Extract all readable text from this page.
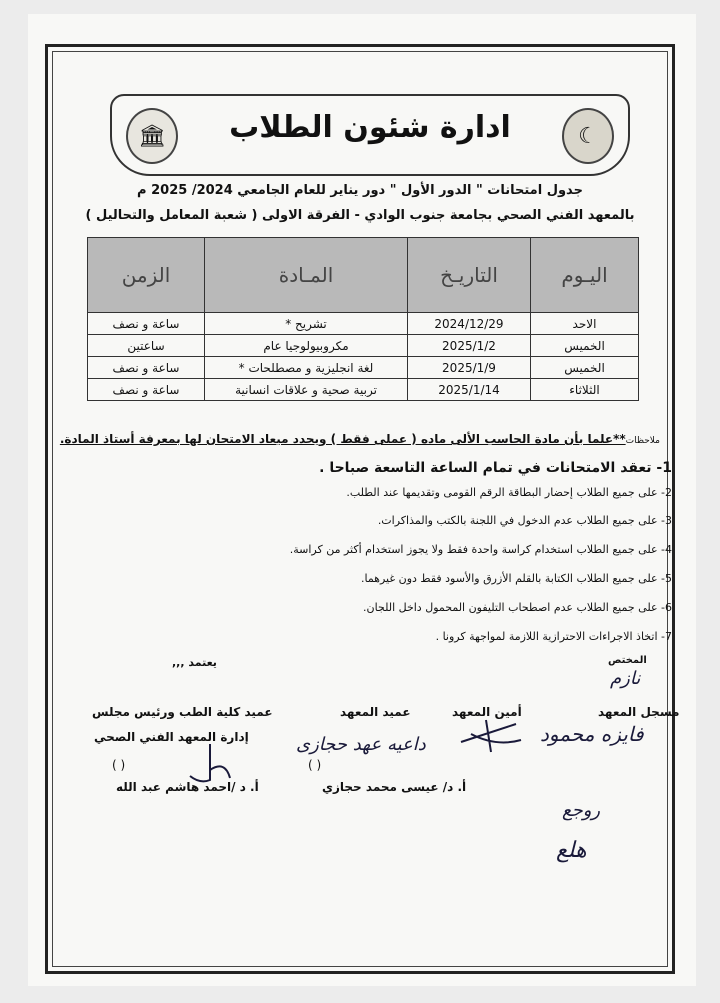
🏛	ادارة شئون الطلاب	☾
جدول امتحانات " الدور الأول " دور يناير للعام الجامعي 2024/ 2025 م
بالمعهد الفني الصحي بجامعة جنوب الوادي - الفرقة الاولى ( شعبة المعامل والتحاليل )
اليـوم	التاريـخ	المـادة	الزمن
الاحد	2024/12/29	تشريح *	ساعة و نصف
الخميس	2025/1/2	مكروبيولوجيا عام	ساعتين
الخميس	2025/1/9	لغة انجليزية و مصطلحات *	ساعة و نصف
الثلاثاء	2025/1/14	تربية صحية و علاقات انسانية	ساعة و نصف
ملاحظات**علما بأن مادة الحاسب الألى ماده ( عملى فقط ) ويحدد ميعاد الامتحان لها بمعرفة أستاذ المادة.
1- تعقد الامتحانات في تمام الساعة التاسعة صباحا .
2- على جميع الطلاب إحضار البطاقة الرقم القومى وتقديمها عند الطلب.
3- على جميع الطلاب عدم الدخول في اللجنة بالكتب والمذاكرات.
4- على جميع الطلاب استخدام كراسة واحدة فقط ولا يجوز استخدام أكثر من كراسة.
5- على جميع الطلاب الكتابة بالقلم الأزرق والأسود فقط دون غيرهما.
6- على جميع الطلاب عدم اصطحاب التليفون المحمول داخل اللجان.
7- اتخاذ الاجراءات الاحترازية اللازمة لمواجهة كرونا .
يعتمد ,,,	المختص
نازم
مسجل المعهد
أمين المعهد
عميد المعهد
عميد كلية الطب ورئيس مجلس
إدارة المعهد الفني الصحي	فايزه محمود
داعيه عهد حجازى
( )
( )
أ. د/ عيسى محمد حجازي
أ. د /احمد هاشم عبد الله
روجع
هلع
